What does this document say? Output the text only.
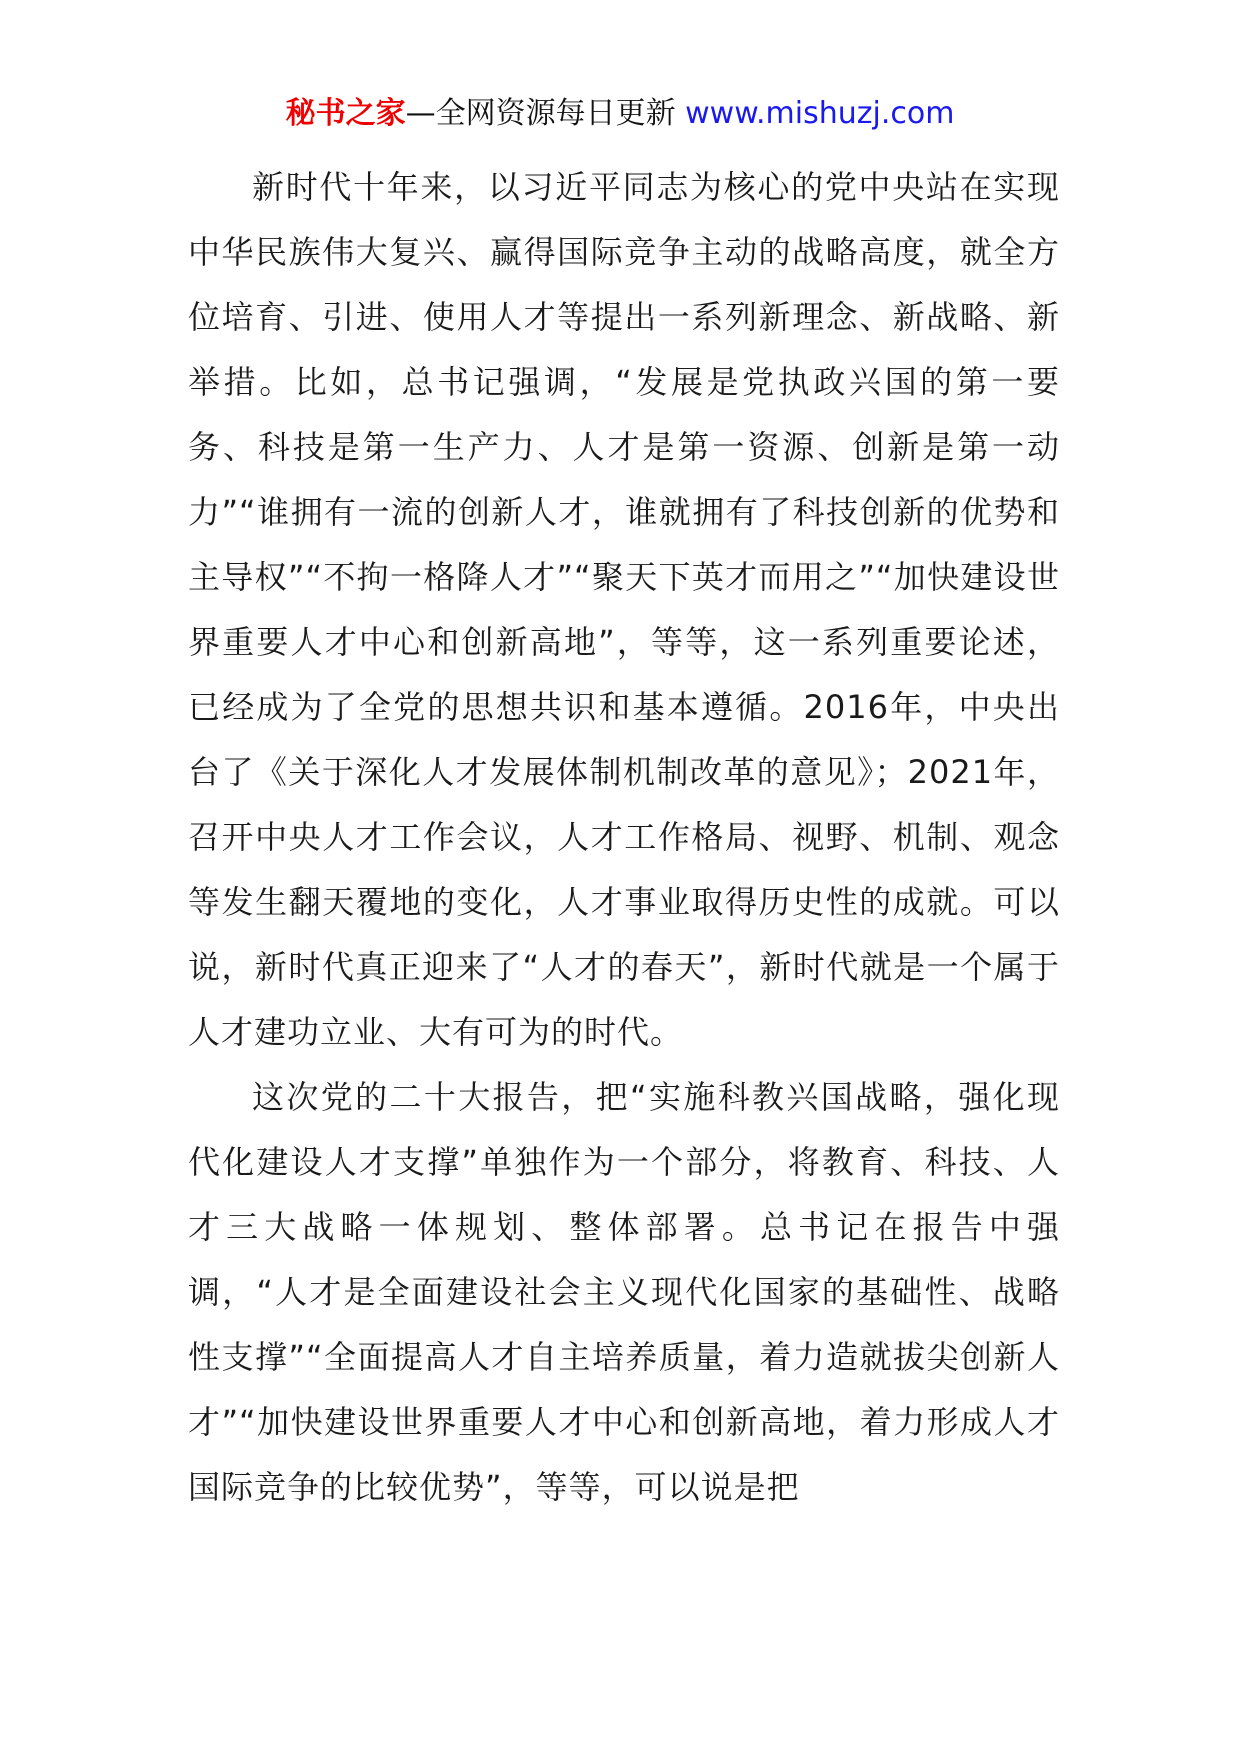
秘书之家—全网资源每日更新 www.mishuzj.com

新时代十年来，以习近平同志为核心的党中央站在实现中华民族伟大复兴、赢得国际竞争主动的战略高度，就全方位培育、引进、使用人才等提出一系列新理念、新战略、新举措。比如，总书记强调，“发展是党执政兴国的第一要务、科技是第一生产力、人才是第一资源、创新是第一动力”“谁拥有一流的创新人才，谁就拥有了科技创新的优势和主导权”“不拘一格降人才”“聚天下英才而用之”“加快建设世界重要人才中心和创新高地”，等等，这一系列重要论述，已经成为了全党的思想共识和基本遵循。2016年，中央出台了《关于深化人才发展体制机制改革的意见》；2021年，召开中央人才工作会议，人才工作格局、视野、机制、观念等发生翻天覆地的变化，人才事业取得历史性的成就。可以说，新时代真正迎来了“人才的春天”，新时代就是一个属于人才建功立业、大有可为的时代。

这次党的二十大报告，把“实施科教兴国战略，强化现代化建设人才支撑”单独作为一个部分，将教育、科技、人才三大战略一体规划、整体部署。总书记在报告中强调，“人才是全面建设社会主义现代化国家的基础性、战略性支撑”“全面提高人才自主培养质量，着力造就拔尖创新人才”“加快建设世界重要人才中心和创新高地，着力形成人才国际竞争的比较优势”，等等，可以说是把
